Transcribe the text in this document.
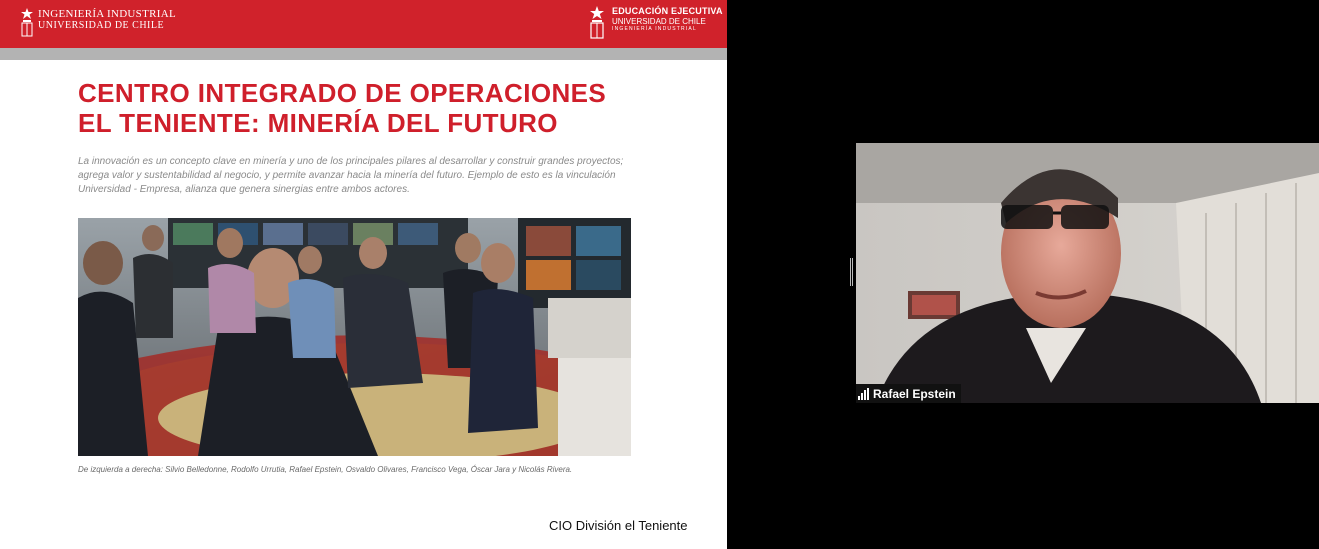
INGENIERÍA INDUSTRIAL
UNIVERSIDAD DE CHILE
EDUCACIÓN EJECUTIVA
UNIVERSIDAD DE CHILE
INGENIERÍA INDUSTRIAL
CENTRO INTEGRADO DE OPERACIONES
EL TENIENTE: MINERÍA DEL FUTURO
La innovación es un concepto clave en minería y uno de los principales pilares al desarrollar y construir grandes proyectos;
agrega valor y sustentabilidad al negocio, y permite avanzar hacia la minería del futuro. Ejemplo de esto es la vinculación
Universidad - Empresa, alianza que genera sinergias entre ambos actores.
De izquierda a derecha: Silvio Belledonne, Rodolfo Urrutia, Rafael Epstein, Osvaldo Olivares, Francisco Vega, Óscar Jara y Nicolás Rivera.
CIO División el Teniente
Rafael Epstein
